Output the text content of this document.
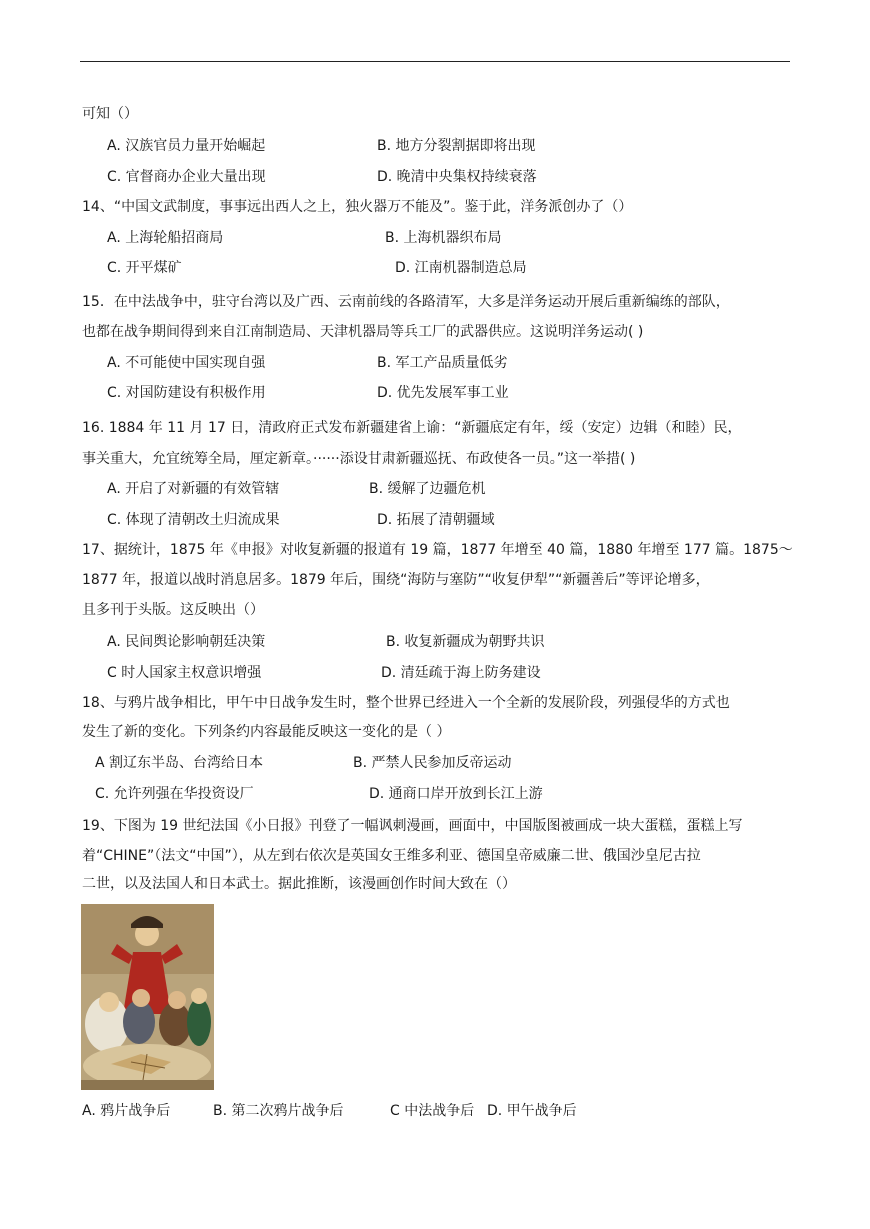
可知（）
A. 汉族官员力量开始崛起	B. 地方分裂割据即将出现
C. 官督商办企业大量出现	D. 晚清中央集权持续衰落
14、“中国文武制度，事事远出西人之上，独火器万不能及”。鉴于此，洋务派创办了（）
A. 上海轮船招商局	B. 上海机器织布局
C. 开平煤矿	D. 江南机器制造总局
15．在中法战争中，驻守台湾以及广西、云南前线的各路清军，大多是洋务运动开展后重新编练的部队，
也都在战争期间得到来自江南制造局、天津机器局等兵工厂的武器供应。这说明洋务运动( )
A. 不可能使中国实现自强	B. 军工产品质量低劣
C. 对国防建设有积极作用	D. 优先发展军事工业
16. 1884 年 11 月 17 日，清政府正式发布新疆建省上谕：“新疆底定有年，绥（安定）边辑（和睦）民，
事关重大，允宜统筹全局，厘定新章。······添设甘肃新疆巡抚、布政使各一员。”这一举措( )
A. 开启了对新疆的有效管辖	B. 缓解了边疆危机
C. 体现了清朝改土归流成果	D. 拓展了清朝疆域
17、据统计，1875 年《申报》对收复新疆的报道有 19 篇，1877 年增至 40 篇，1880 年增至 177 篇。1875～
1877 年，报道以战时消息居多。1879 年后，围绕“海防与塞防”“收复伊犁”“新疆善后”等评论增多，
且多刊于头版。这反映出（）
A. 民间舆论影响朝廷决策	B. 收复新疆成为朝野共识
C 时人国家主权意识增强	D. 清廷疏于海上防务建设
18、与鸦片战争相比，甲午中日战争发生时，整个世界已经进入一个全新的发展阶段，列强侵华的方式也
发生了新的变化。下列条约内容最能反映这一变化的是（ ）
A 割辽东半岛、台湾给日本	B. 严禁人民参加反帝运动
C. 允许列强在华投资设厂	D. 通商口岸开放到长江上游
19、下图为 19 世纪法国《小日报》刊登了一幅讽刺漫画，画面中，中国版图被画成一块大蛋糕，蛋糕上写
着“CHINE”（法文“中国”），从左到右依次是英国女王维多利亚、德国皇帝威廉二世、俄国沙皇尼古拉
二世，以及法国人和日本武士。据此推断，该漫画创作时间大致在（）
A. 鸦片战争后	B. 第二次鸦片战争后	C 中法战争后 D. 甲午战争后
